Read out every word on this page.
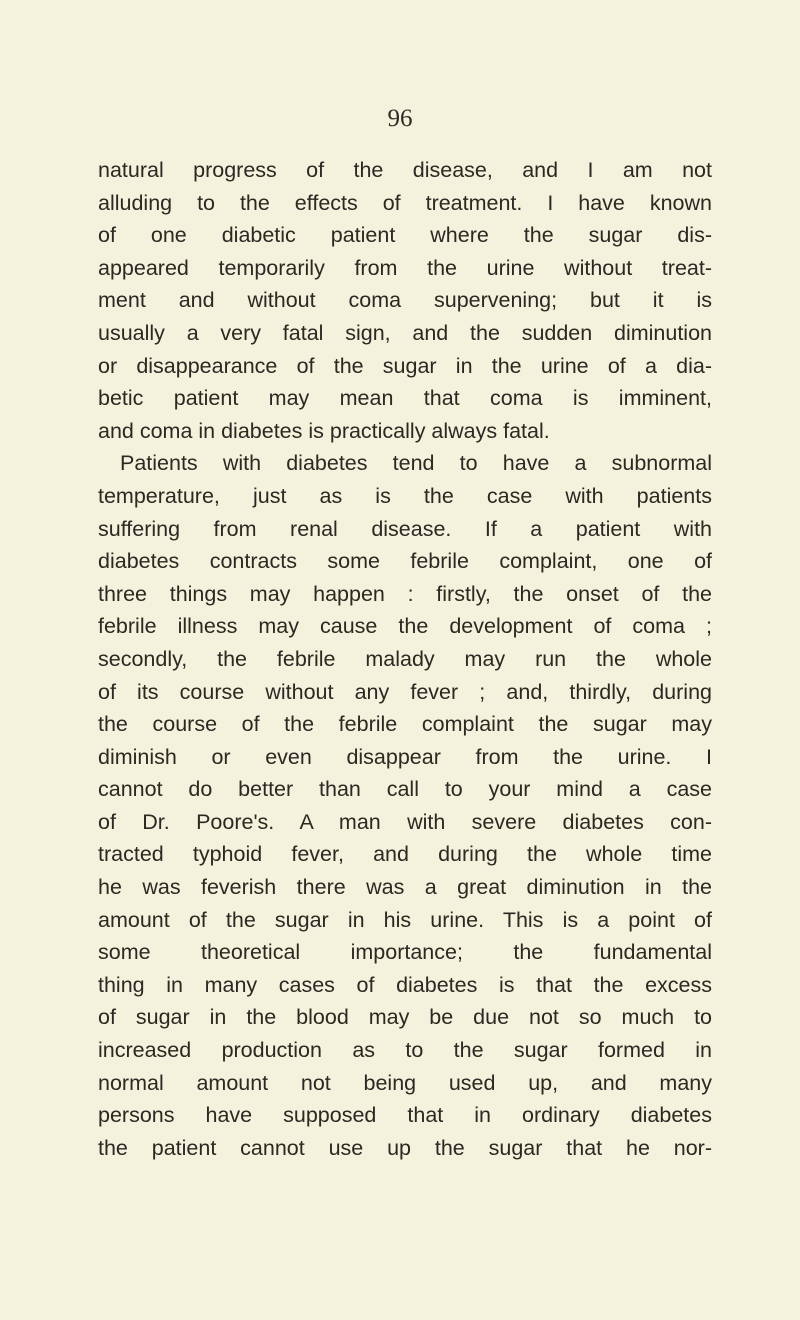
96
natural progress of the disease, and I am not
alluding to the effects of treatment. I have known
of one diabetic patient where the sugar dis-
appeared temporarily from the urine without treat-
ment and without coma supervening; but it is
usually a very fatal sign, and the sudden diminution
or disappearance of the sugar in the urine of a dia-
betic patient may mean that coma is imminent,
and coma in diabetes is practically always fatal.
Patients with diabetes tend to have a subnormal
temperature, just as is the case with patients
suffering from renal disease. If a patient with
diabetes contracts some febrile complaint, one of
three things may happen : firstly, the onset of the
febrile illness may cause the development of coma ;
secondly, the febrile malady may run the whole
of its course without any fever ; and, thirdly, during
the course of the febrile complaint the sugar may
diminish or even disappear from the urine. I
cannot do better than call to your mind a case
of Dr. Poore's. A man with severe diabetes con-
tracted typhoid fever, and during the whole time
he was feverish there was a great diminution in the
amount of the sugar in his urine. This is a point of
some theoretical importance; the fundamental
thing in many cases of diabetes is that the excess
of sugar in the blood may be due not so much to
increased production as to the sugar formed in
normal amount not being used up, and many
persons have supposed that in ordinary diabetes
the patient cannot use up the sugar that he nor-
